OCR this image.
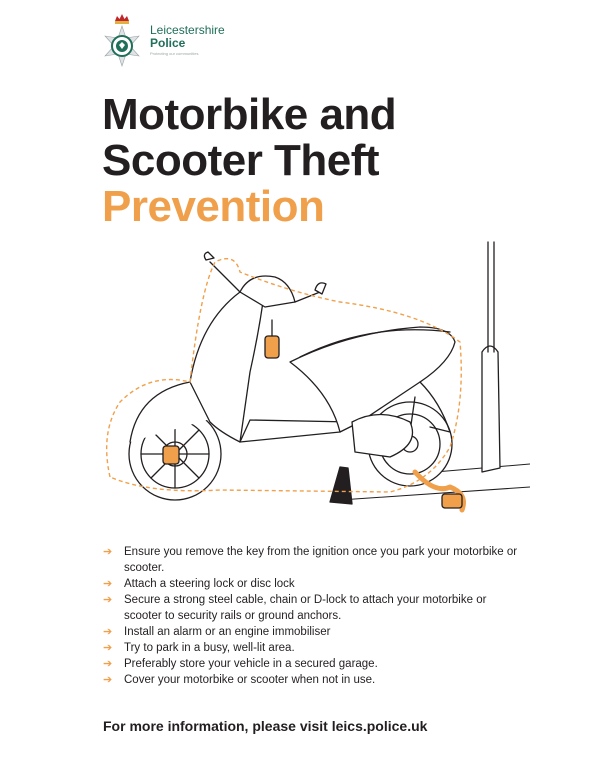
Leicestershire
Police
Protecting our communities
Motorbike and
Scooter Theft
Prevention
➔ Ensure you remove the key from the ignition once you park your motorbike or scooter.
➔ Attach a steering lock or disc lock
➔ Secure a strong steel cable, chain or D-lock to attach your motorbike or scooter to security rails or ground anchors.
➔ Install an alarm or an engine immobiliser
➔ Try to park in a busy, well-lit area.
➔ Preferably store your vehicle in a secured garage.
➔ Cover your motorbike or scooter when not in use.
For more information, please visit leics.police.uk
